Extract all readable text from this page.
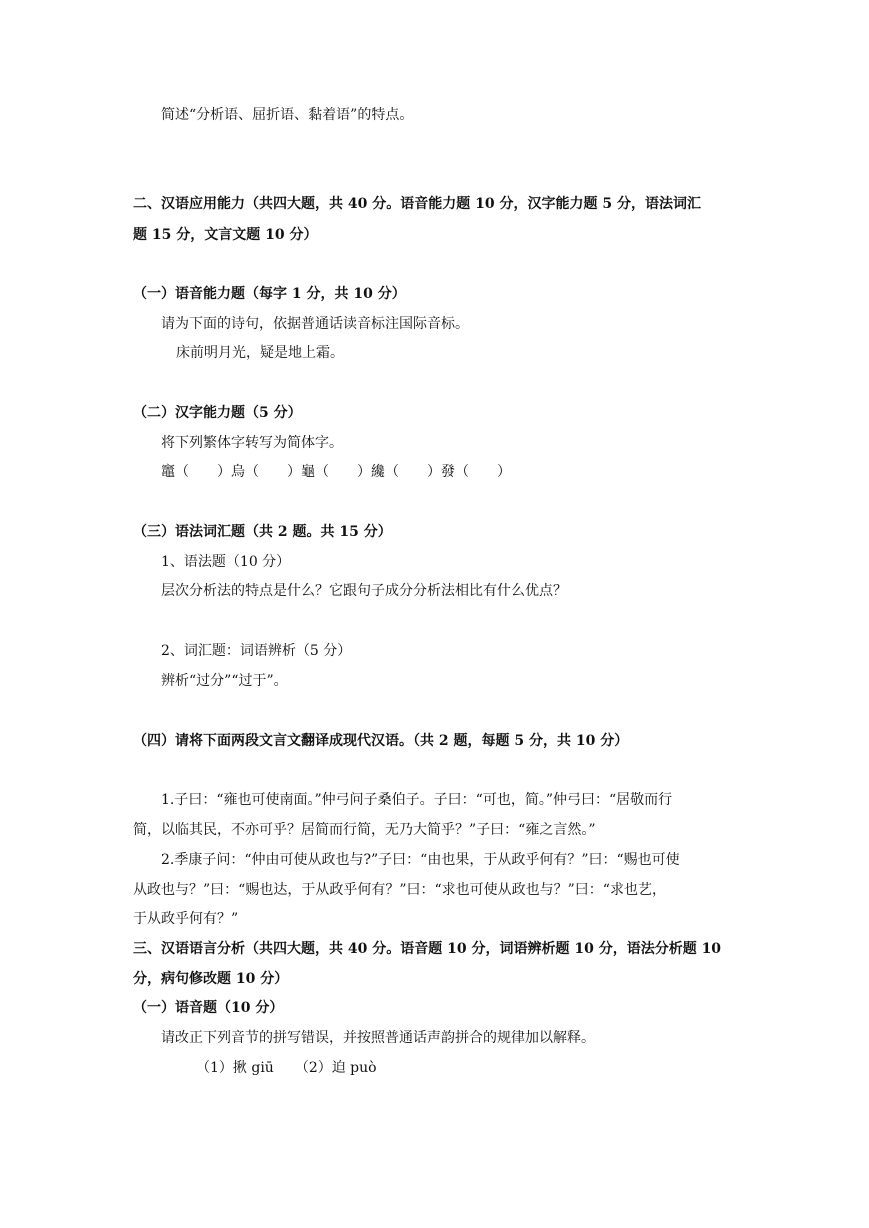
简述“分析语、屈折语、黏着语”的特点。
二、汉语应用能力（共四大题，共 40 分。语音能力题 10 分，汉字能力题 5 分，语法词汇
题 15 分，文言文题 10 分）
（一）语音能力题（每字 1 分，共 10 分）
请为下面的诗句，依据普通话读音标注国际音标。
床前明月光，疑是地上霜。
（二）汉字能力题（5 分）
将下列繁体字转写为简体字。
竈（　　）烏（　　）龜（　　）纔（　　）發（　　）
（三）语法词汇题（共 2 题。共 15 分）
1、语法题（10 分）
层次分析法的特点是什么？它跟句子成分分析法相比有什么优点？
2、词汇题：词语辨析（5 分）
辨析“过分”“过于”。
（四）请将下面两段文言文翻译成现代汉语。（共 2 题，每题 5 分，共 10 分）
1.子曰：“雍也可使南面。”仲弓问子桑伯子。子曰：“可也，简。”仲弓曰：“居敬而行
简，以临其民，不亦可乎？居简而行简，无乃大简乎？”子曰：“雍之言然。”
2.季康子问：“仲由可使从政也与?”子曰：“由也果，于从政乎何有？”曰：“赐也可使
从政也与？”曰：“赐也达，于从政乎何有？”曰：“求也可使从政也与？”曰：“求也艺，
于从政乎何有？”
三、汉语语言分析（共四大题，共 40 分。语音题 10 分，词语辨析题 10 分，语法分析题 10
分，病句修改题 10 分）
（一）语音题（10 分）
请改正下列音节的拼写错误，并按照普通话声韵拼合的规律加以解释。
（1）揪 giū　　（2）迫 può
